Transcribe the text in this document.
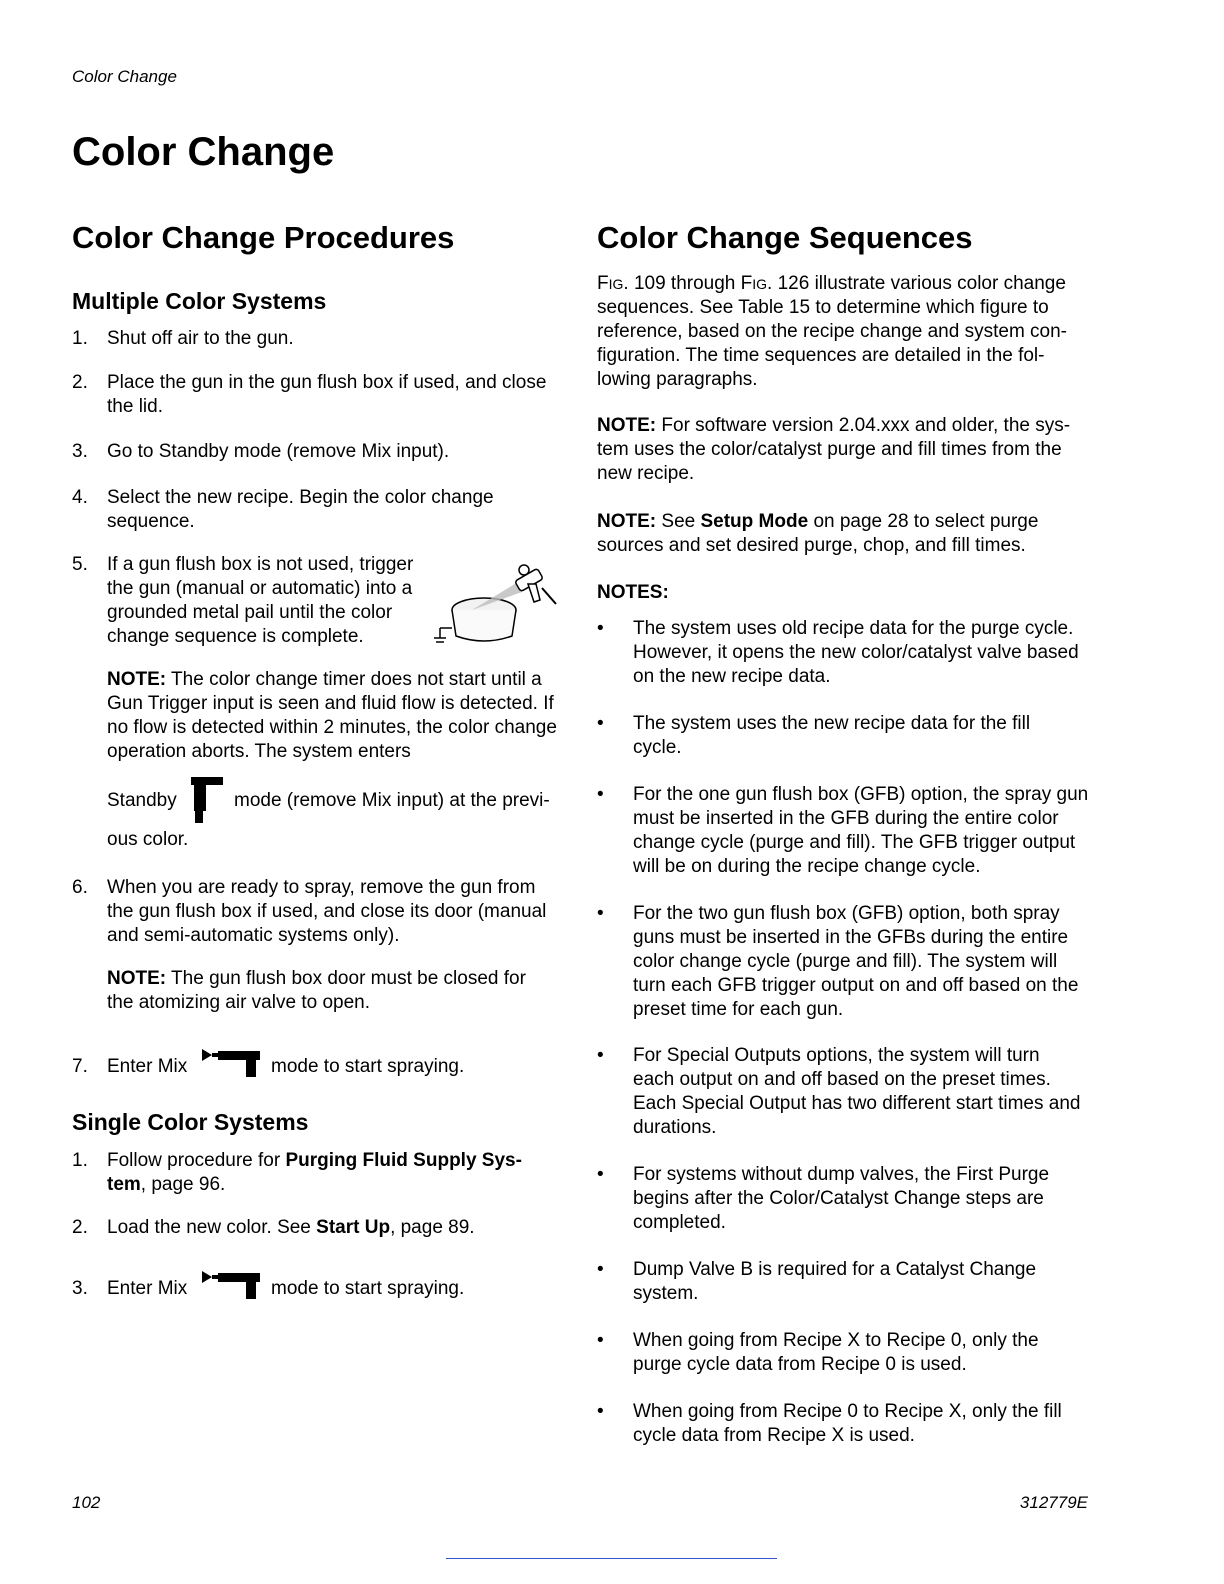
Color Change
Color Change
Color Change Procedures
Multiple Color Systems
1. Shut off air to the gun.
2. Place the gun in the gun flush box if used, and close the lid.
3. Go to Standby mode (remove Mix input).
4. Select the new recipe. Begin the color change sequence.
5. If a gun flush box is not used, trigger the gun (manual or automatic) into a grounded metal pail until the color change sequence is complete.
NOTE: The color change timer does not start until a Gun Trigger input is seen and fluid flow is detected. If no flow is detected within 2 minutes, the color change operation aborts. The system enters
Standby	mode (remove Mix input) at the previ-
ous color.
6. When you are ready to spray, remove the gun from the gun flush box if used, and close its door (manual and semi-automatic systems only).
NOTE: The gun flush box door must be closed for the atomizing air valve to open.
7. Enter Mix	mode to start spraying.
Single Color Systems
1. Follow procedure for Purging Fluid Supply Sys-tem, page 96.
2. Load the new color. See Start Up, page 89.
3. Enter Mix	mode to start spraying.
Color Change Sequences
FIG. 109 through FIG. 126 illustrate various color change sequences. See Table 15 to determine which figure to reference, based on the recipe change and system con-figuration. The time sequences are detailed in the fol-lowing paragraphs.
NOTE: For software version 2.04.xxx and older, the sys-tem uses the color/catalyst purge and fill times from the new recipe.
NOTE: See Setup Mode on page 28 to select purge sources and set desired purge, chop, and fill times.
NOTES:
• The system uses old recipe data for the purge cycle. However, it opens the new color/catalyst valve based on the new recipe data.
• The system uses the new recipe data for the fill cycle.
• For the one gun flush box (GFB) option, the spray gun must be inserted in the GFB during the entire color change cycle (purge and fill). The GFB trigger output will be on during the recipe change cycle.
• For the two gun flush box (GFB) option, both spray guns must be inserted in the GFBs during the entire color change cycle (purge and fill). The system will turn each GFB trigger output on and off based on the preset time for each gun.
• For Special Outputs options, the system will turn each output on and off based on the preset times. Each Special Output has two different start times and durations.
• For systems without dump valves, the First Purge begins after the Color/Catalyst Change steps are completed.
• Dump Valve B is required for a Catalyst Change system.
• When going from Recipe X to Recipe 0, only the purge cycle data from Recipe 0 is used.
• When going from Recipe 0 to Recipe X, only the fill cycle data from Recipe X is used.
102	312779E
